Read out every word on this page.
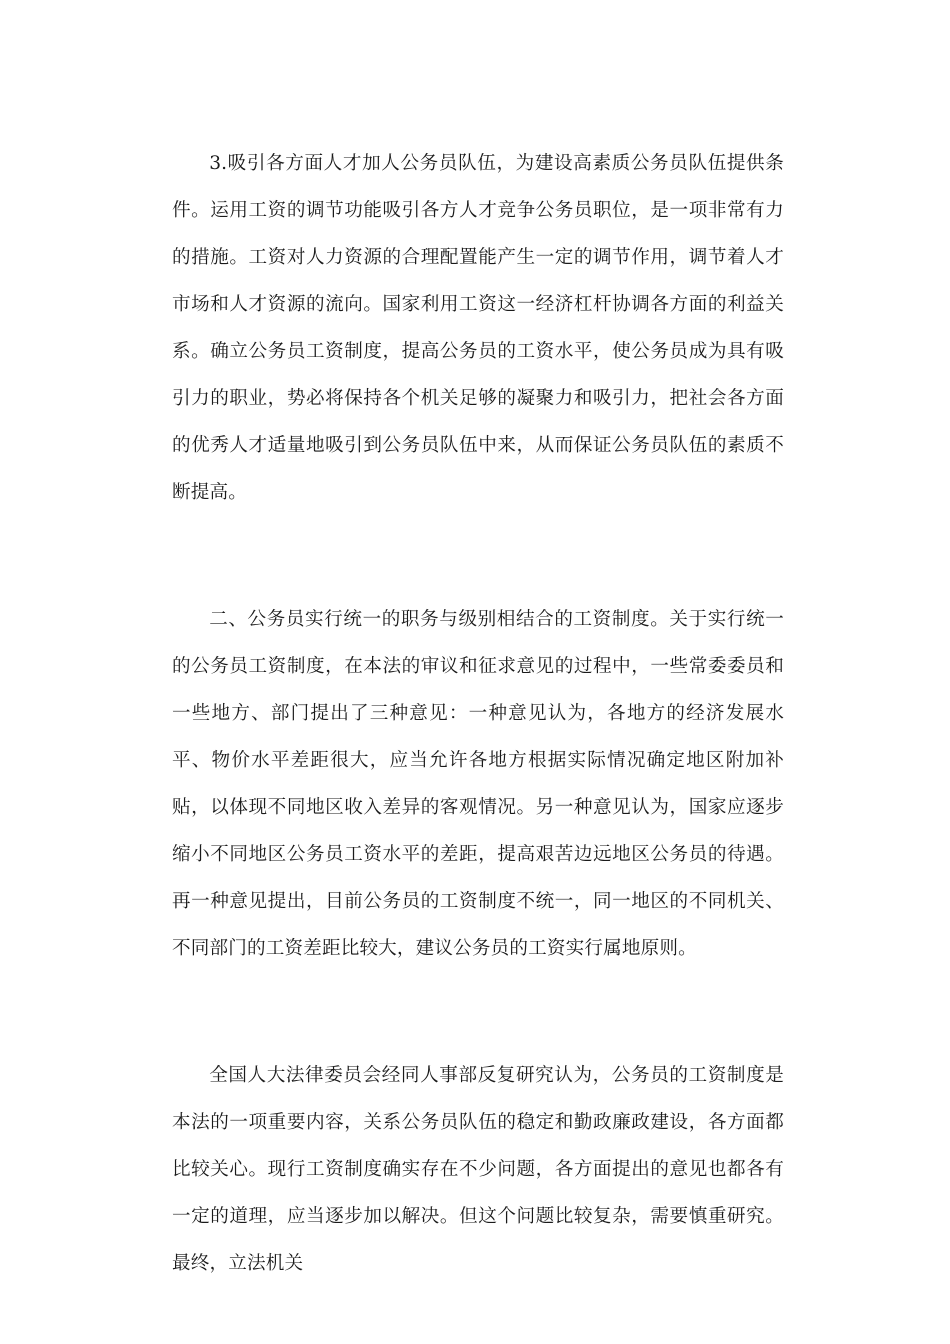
3.吸引各方面人才加人公务员队伍，为建设高素质公务员队伍提供条件。运用工资的调节功能吸引各方人才竞争公务员职位，是一项非常有力的措施。工资对人力资源的合理配置能产生一定的调节作用，调节着人才市场和人才资源的流向。国家利用工资这一经济杠杆协调各方面的利益关系。确立公务员工资制度，提高公务员的工资水平，使公务员成为具有吸引力的职业，势必将保持各个机关足够的凝聚力和吸引力，把社会各方面的优秀人才适量地吸引到公务员队伍中来，从而保证公务员队伍的素质不断提高。

二、公务员实行统一的职务与级别相结合的工资制度。关于实行统一的公务员工资制度，在本法的审议和征求意见的过程中，一些常委委员和一些地方、部门提出了三种意见：一种意见认为，各地方的经济发展水平、物价水平差距很大，应当允许各地方根据实际情况确定地区附加补贴，以体现不同地区收入差异的客观情况。另一种意见认为，国家应逐步缩小不同地区公务员工资水平的差距，提高艰苦边远地区公务员的待遇。再一种意见提出，目前公务员的工资制度不统一，同一地区的不同机关、不同部门的工资差距比较大，建议公务员的工资实行属地原则。

全国人大法律委员会经同人事部反复研究认为，公务员的工资制度是本法的一项重要内容，关系公务员队伍的稳定和勤政廉政建设，各方面都比较关心。现行工资制度确实存在不少问题，各方面提出的意见也都各有一定的道理，应当逐步加以解决。但这个问题比较复杂，需要慎重研究。最终，立法机关
